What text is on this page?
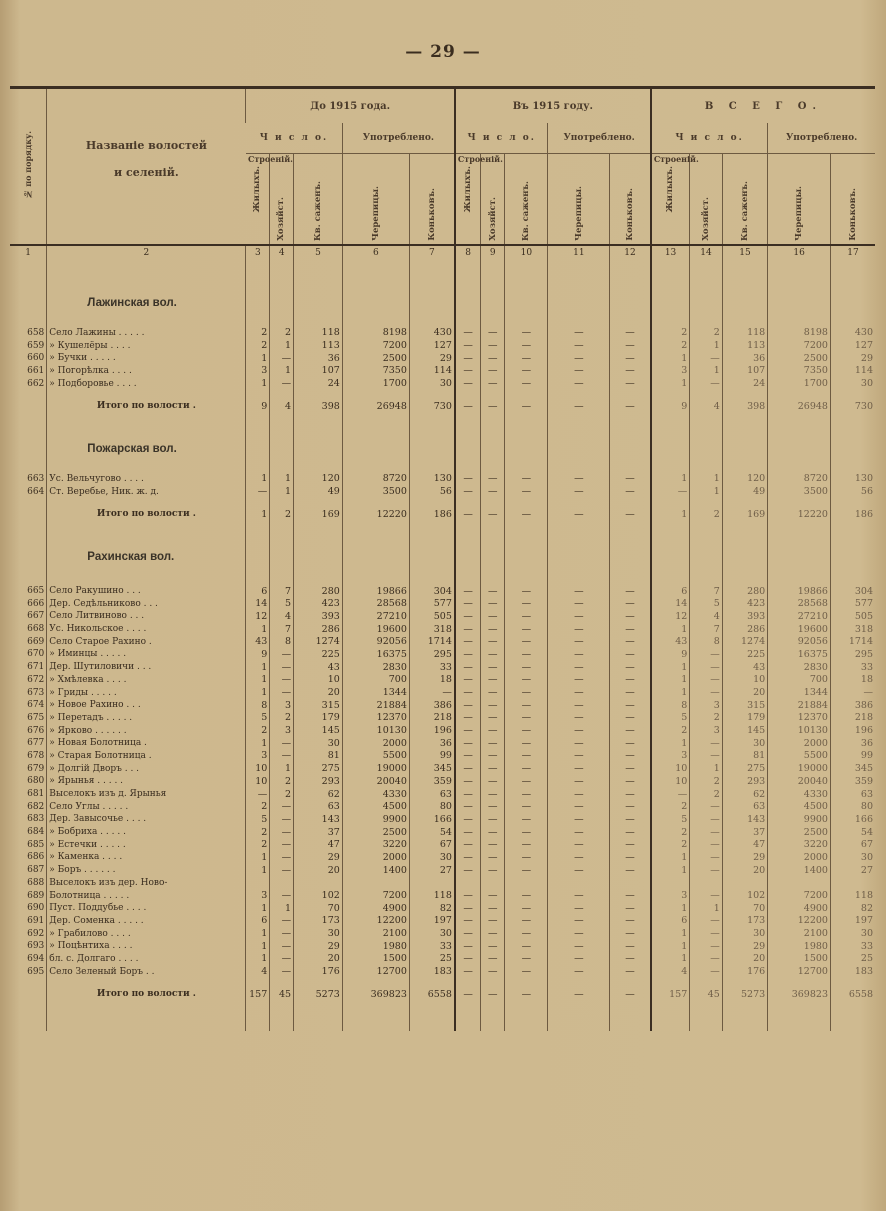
— 29 —
№ по порядку.	Названіе волостей
и селеній.	До 1915 года.					Въ 1915 году.					В С Е Г О.				
		Ч и с л о.			Употреблено.		Ч и с л о.			Употреблено.		Ч и с л о.			Употреблено.	

		Строеній.
Жилыхъ.	Хозяйст.	Кв. саженъ.	Черепицы.	Коньковъ.	Строеній.
Жилыхъ.	Хозяйст.	Кв. саженъ.	Черепицы.	Коньковъ.	Строеній.
Жилыхъ.	Хозяйст.	Кв. саженъ.	Черепицы.	Коньковъ.
1	2	3	4	5	6	7	8	9	10	11	12	13	14	15	16	17

	Лажинская вол.															

658	Село Лажины . . . . .	2	2	118	8198	430	—	—	—	—	—	2	2	118	8198	430
659	» Кушелёры . . . .	2	1	113	7200	127	—	—	—	—	—	2	1	113	7200	127
660	» Бучки . . . . .	1	—	36	2500	29	—	—	—	—	—	1	—	36	2500	29
661	» Погорѣлка . . . .	3	1	107	7350	114	—	—	—	—	—	3	1	107	7350	114
662	» Подборовье . . . .	1	—	24	1700	30	—	—	—	—	—	1	—	24	1700	30

	Итого по волости .	9	4	398	26948	730	—	—	—	—	—	9	4	398	26948	730

	Пожарская вол.															

663	Ус. Вельчугово . . . .	1	1	120	8720	130	—	—	—	—	—	1	1	120	8720	130
664	Ст. Веребье, Ник. ж. д.	—	1	49	3500	56	—	—	—	—	—	—	1	49	3500	56

	Итого по волости .	1	2	169	12220	186	—	—	—	—	—	1	2	169	12220	186

	Рахинская вол.															

665	Село Ракушино . . .	6	7	280	19866	304	—	—	—	—	—	6	7	280	19866	304
666	Дер. Седѣльниково . . .	14	5	423	28568	577	—	—	—	—	—	14	5	423	28568	577
667	Село Литвиново . . .	12	4	393	27210	505	—	—	—	—	—	12	4	393	27210	505
668	Ус. Никольское . . . .	1	7	286	19600	318	—	—	—	—	—	1	7	286	19600	318
669	Село Старое Рахино .	43	8	1274	92056	1714	—	—	—	—	—	43	8	1274	92056	1714
670	» Иминцы . . . . .	9	—	225	16375	295	—	—	—	—	—	9	—	225	16375	295
671	Дер. Шутиловичи . . .	1	—	43	2830	33	—	—	—	—	—	1	—	43	2830	33
672	» Хмѣлевка . . . .	1	—	10	700	18	—	—	—	—	—	1	—	10	700	18
673	» Гриды . . . . .	1	—	20	1344	—	—	—	—	—	—	1	—	20	1344	—
674	» Новое Рахино . . .	8	3	315	21884	386	—	—	—	—	—	8	3	315	21884	386
675	» Перетадъ . . . . .	5	2	179	12370	218	—	—	—	—	—	5	2	179	12370	218
676	» Ярково . . . . . .	2	3	145	10130	196	—	—	—	—	—	2	3	145	10130	196
677	» Новая Болотница .	1	—	30	2000	36	—	—	—	—	—	1	—	30	2000	36
678	» Старая Болотница .	3	—	81	5500	99	—	—	—	—	—	3	—	81	5500	99
679	» Долгій Дворъ . . .	10	1	275	19000	345	—	—	—	—	—	10	1	275	19000	345
680	» Ярынья . . . . .	10	2	293	20040	359	—	—	—	—	—	10	2	293	20040	359
681	Выселокъ изъ д. Ярынья	—	2	62	4330	63	—	—	—	—	—	—	2	62	4330	63
682	Село Углы . . . . .	2	—	63	4500	80	—	—	—	—	—	2	—	63	4500	80
683	Дер. Завысочье . . . .	5	—	143	9900	166	—	—	—	—	—	5	—	143	9900	166
684	» Бобриха . . . . .	2	—	37	2500	54	—	—	—	—	—	2	—	37	2500	54
685	» Естечки . . . . .	2	—	47	3220	67	—	—	—	—	—	2	—	47	3220	67
686	» Каменка . . . .	1	—	29	2000	30	—	—	—	—	—	1	—	29	2000	30
687	» Боръ . . . . . .	1	—	20	1400	27	—	—	—	—	—	1	—	20	1400	27
688	Выселокъ изъ дер. Ново-															
689	Болотница . . . . .	3	—	102	7200	118	—	—	—	—	—	3	—	102	7200	118
690	Пуст. Поддубье . . . .	1	1	70	4900	82	—	—	—	—	—	1	1	70	4900	82
691	Дер. Соменка . . . . .	6	—	173	12200	197	—	—	—	—	—	6	—	173	12200	197
692	» Грабилово . . . .	1	—	30	2100	30	—	—	—	—	—	1	—	30	2100	30
693	» Поцѣнтиха . . . .	1	—	29	1980	33	—	—	—	—	—	1	—	29	1980	33
694	бл. с. Долгаго . . . .	1	—	20	1500	25	—	—	—	—	—	1	—	20	1500	25
695	Село Зеленый Боръ . .	4	—	176	12700	183	—	—	—	—	—	4	—	176	12700	183

	Итого по волости .	157	45	5273	369823	6558	—	—	—	—	—	157	45	5273	369823	6558
